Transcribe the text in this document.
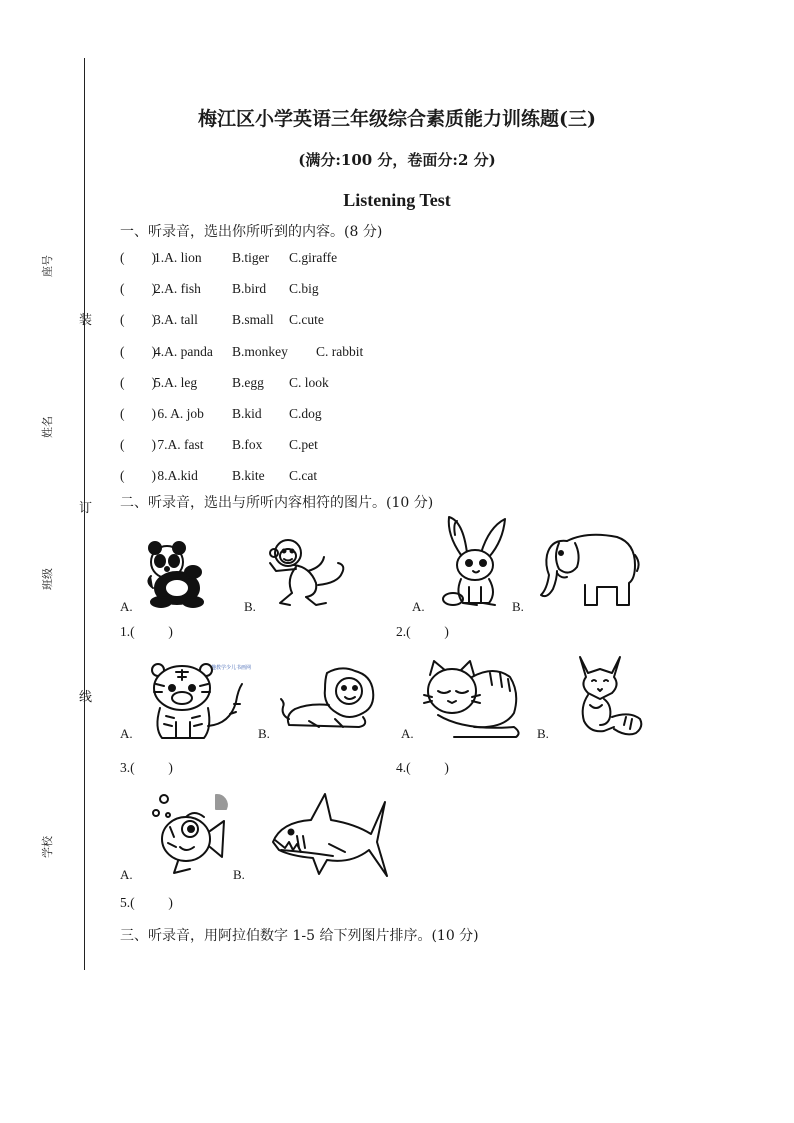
座号
姓名
班级
学校
装
订
线
梅江区小学英语三年级综合素质能力训练题(三)
(满分:100 分，卷面分:2 分)
Listening Test
一、听录音，选出你所听到的内容。(8 分)
(        )1.A. lion B.tiger C.giraffe
(        )2.A. fish B.bird C.big
(        )3.A. tall	B.small C.cute
(        )4.A. panda B.monkey C. rabbit
(        )5.A. leg	B.egg C. look
(        ) 6. A. job B.kid C.dog
(        ) 7.A. fast B.fox C.pet
(        ) 8.A.kid	B.kite C.cat
二、听录音，选出与所听内容相符的图片。(10 分)
A.	B.	A.	B.
1.(          )	2.(          )
A.	B.	A.	B.
趣教学少儿书画网
3.(          )	4.(          )
A.	B.
5.(          )
三、听录音，用阿拉伯数字 1-5 给下列图片排序。(10 分)
